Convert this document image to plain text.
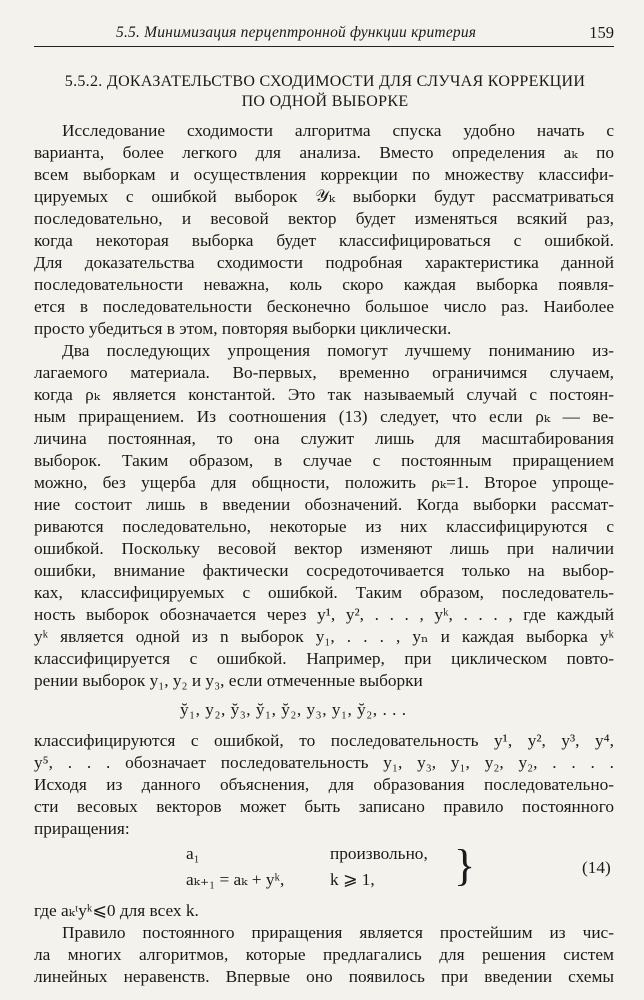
5.5. Минимизация перцептронной функции критерия	159
5.5.2. ДОКАЗАТЕЛЬСТВО СХОДИМОСТИ ДЛЯ СЛУЧАЯ КОРРЕКЦИИ
ПО ОДНОЙ ВЫБОРКЕ
Исследование сходимости алгоритма спуска удобно начать с
варианта, более легкого для анализа. Вместо определения aₖ по
всем выборкам и осуществления коррекции по множеству классифи-
цируемых с ошибкой выборок 𝒴ₖ выборки будут рассматриваться
последовательно, и весовой вектор будет изменяться всякий раз,
когда некоторая выборка будет классифицироваться с ошибкой.
Для доказательства сходимости подробная характеристика данной
последовательности неважна, коль скоро каждая выборка появля-
ется в последовательности бесконечно большое число раз. Наиболее
просто убедиться в этом, повторяя выборки циклически.
Два последующих упрощения помогут лучшему пониманию из-
лагаемого материала. Во-первых, временно ограничимся случаем,
когда ρₖ является константой. Это так называемый случай с постоян-
ным приращением. Из соотношения (13) следует, что если ρₖ — ве-
личина постоянная, то она служит лишь для масштабирования
выборок. Таким образом, в случае с постоянным приращением
можно, без ущерба для общности, положить ρₖ=1. Второе упроще-
ние состоит лишь в введении обозначений. Когда выборки рассмат-
риваются последовательно, некоторые из них классифицируются с
ошибкой. Поскольку весовой вектор изменяют лишь при наличии
ошибки, внимание фактически сосредоточивается только на выбор-
ках, классифицируемых с ошибкой. Таким образом, последователь-
ность выборок обозначается через y¹, y², . . . , yᵏ, . . . , где каждый
yᵏ является одной из n выборок y₁, . . . , yₙ и каждая выборка yᵏ
классифицируется с ошибкой. Например, при циклическом повто-
рении выборок y₁, y₂ и y₃, если отмеченные выборки
y̆₁, y₂, y̆₃, y̆₁, y̆₂, y₃, y₁, y̆₂, . . .
классифицируются с ошибкой, то последовательность y¹, y², y³, y⁴,
y⁵, . . . обозначает последовательность y₁, y₃, y₁, y₂, y₂, . . . .
Исходя из данного объяснения, для образования последовательно-
сти весовых векторов может быть записано правило постоянного
приращения:
a₁	произвольно,
aₖ₊₁ = aₖ + yᵏ,	k ⩾ 1, }	(14)
где aₖᵗyᵏ⩽0 для всех k.
Правило постоянного приращения является простейшим из чис-
ла многих алгоритмов, которые предлагались для решения систем
линейных неравенств. Впервые оно появилось при введении схемы
